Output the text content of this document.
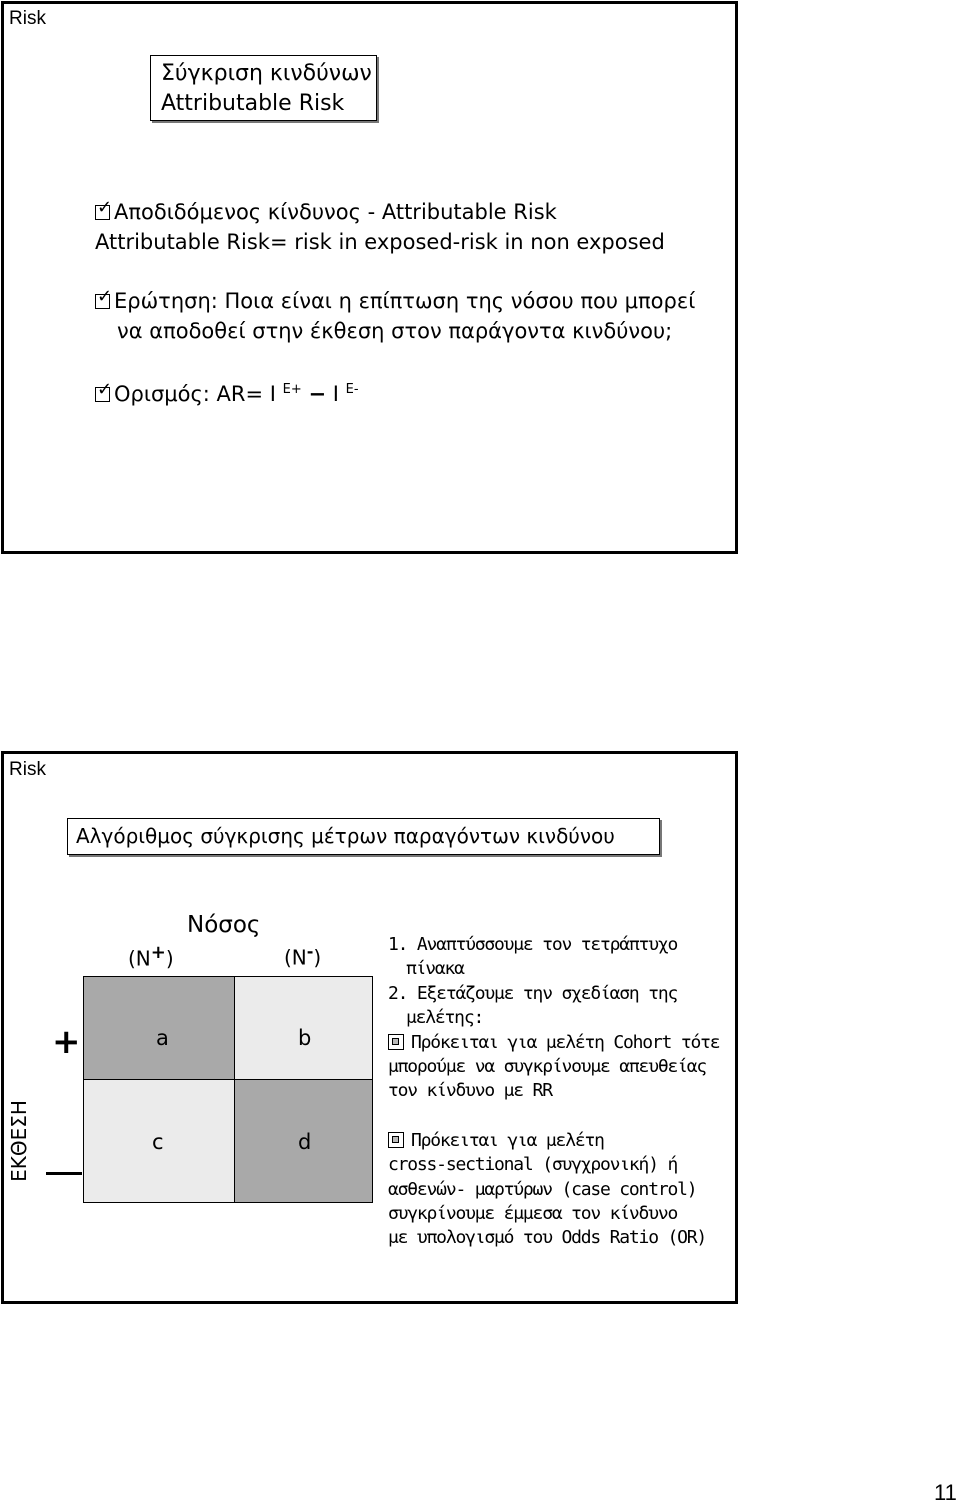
Risk
Σύγκριση κινδύνων
Attributable Risk
✓Αποδιδόμενος κίνδυνος - Attributable Risk
Attributable Risk= risk in exposed-risk in non exposed
✓Ερώτηση: Ποια είναι η επίπτωση της νόσου που μπορεί
να αποδοθεί στην έκθεση στον παράγοντα κινδύνου;
✓Ορισμός: AR= I $^{E+}$ − I $^{E-}$
Risk
Αλγόριθμος σύγκρισης μέτρων παραγόντων κινδύνου
Νόσος
(N+)	(N-)
ΕΚΘΕΣΗ
+	a	b
c	d
1. Αναπτύσσουμε τον τετράπτυχο
πίνακα
2. Εξετάζουμε την σχεδίαση της
μελέτης:
Πρόκειται για μελέτη Cohort τότε
μπορούμε να συγκρίνουμε απευθείας
τον κίνδυνο με RR
Πρόκειται για μελέτη
cross-sectional (συγχρονική) ή
ασθενών- μαρτύρων (case control)
συγκρίνουμε έμμεσα τον κίνδυνο
με υπολογισμό του Odds Ratio (OR)
11
